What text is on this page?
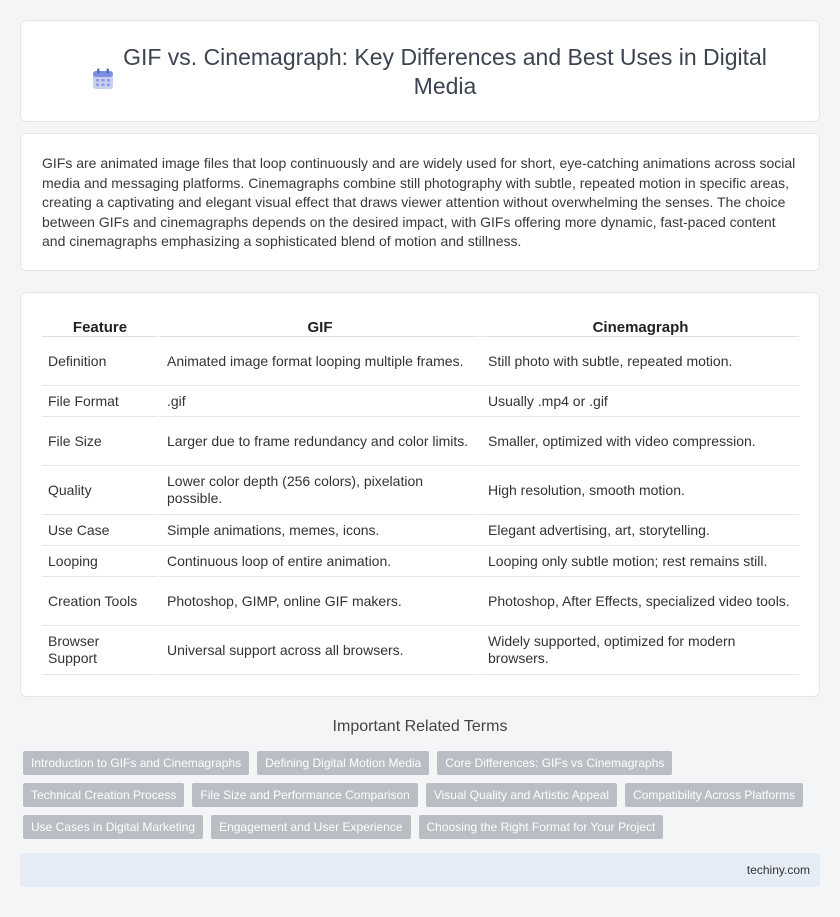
GIF vs. Cinemagraph: Key Differences and Best Uses in Digital Media

GIFs are animated image files that loop continuously and are widely used for short, eye-catching animations across social media and messaging platforms. Cinemagraphs combine still photography with subtle, repeated motion in specific areas, creating a captivating and elegant visual effect that draws viewer attention without overwhelming the senses. The choice between GIFs and cinemagraphs depends on the desired impact, with GIFs offering more dynamic, fast-paced content and cinemagraphs emphasizing a sophisticated blend of motion and stillness.

Feature	GIF	Cinemagraph
Definition	Animated image format looping multiple frames.	Still photo with subtle, repeated motion.
File Format	.gif	Usually .mp4 or .gif
File Size	Larger due to frame redundancy and color limits.	Smaller, optimized with video compression.
Quality	Lower color depth (256 colors), pixelation possible.	High resolution, smooth motion.
Use Case	Simple animations, memes, icons.	Elegant advertising, art, storytelling.
Looping	Continuous loop of entire animation.	Looping only subtle motion; rest remains still.
Creation Tools	Photoshop, GIMP, online GIF makers.	Photoshop, After Effects, specialized video tools.
Browser Support	Universal support across all browsers.	Widely supported, optimized for modern browsers.
Important Related Terms
Introduction to GIFs and Cinemagraphs	Defining Digital Motion Media	Core Differences: GIFs vs Cinemagraphs
Technical Creation Process	File Size and Performance Comparison	Visual Quality and Artistic Appeal	Compatibility Across Platforms
Use Cases in Digital Marketing	Engagement and User Experience	Choosing the Right Format for Your Project
techiny.com
